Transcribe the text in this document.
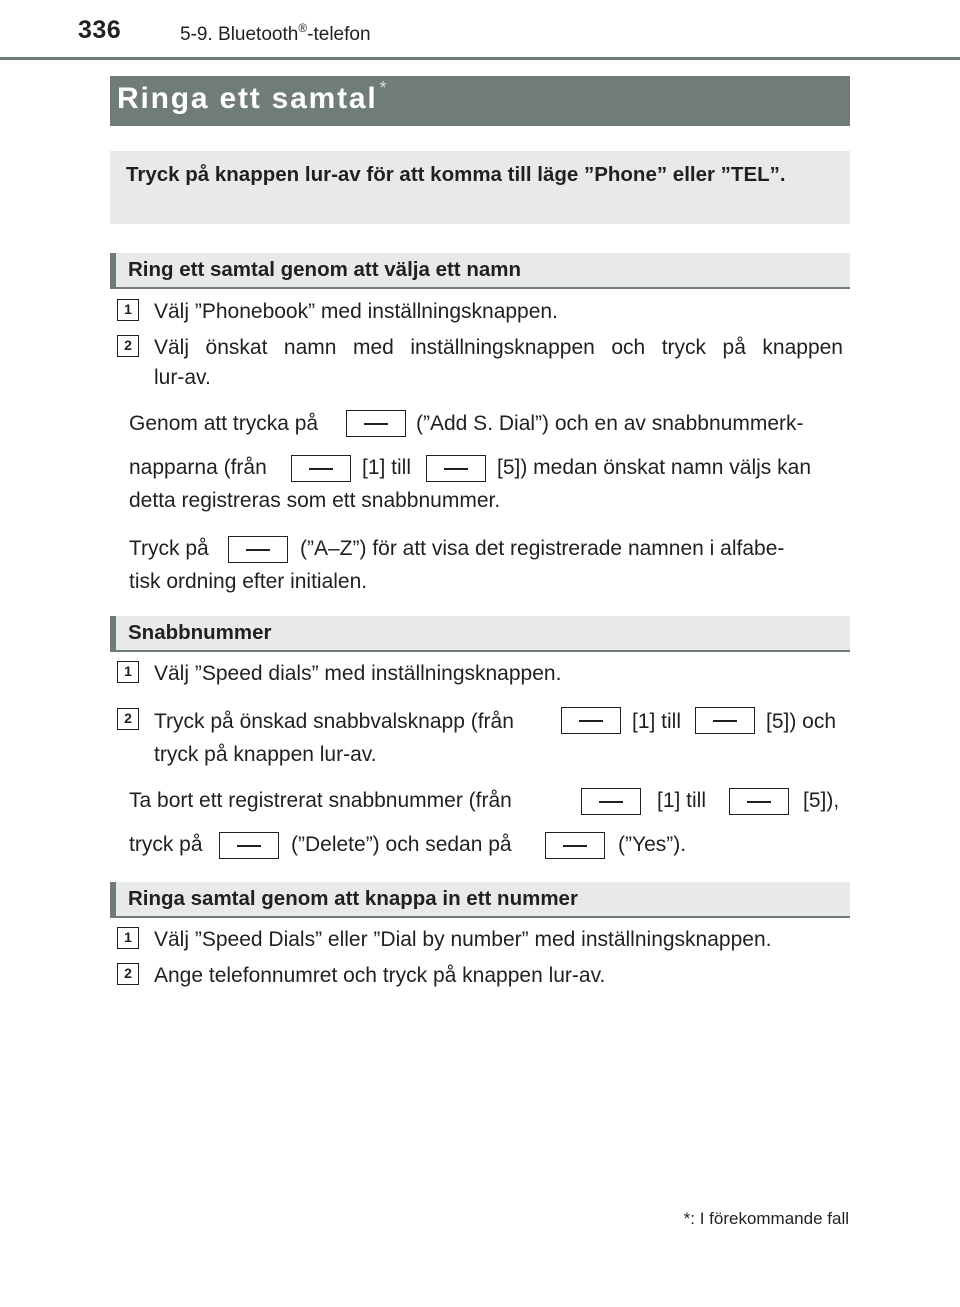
336	5-9. Bluetooth®-telefon
Ringa ett samtal *
Tryck på knappen lur-av för att komma till läge ”Phone” eller ”TEL”.
Ring ett samtal genom att välja ett namn
1	Välj ”Phonebook” med inställningsknappen.
2	Välj önskat namn med inställningsknappen och tryck på knappen
lur-av.
Genom att trycka på	(”Add S. Dial”) och en av snabbnummerk-
napparna (från	[1] till	[5]) medan önskat namn väljs kan
detta registreras som ett snabbnummer.
Tryck på	(”A–Z”) för att visa det registrerade namnen i alfabe-
tisk ordning efter initialen.
Snabbnummer
1	Välj ”Speed dials” med inställningsknappen.
2	Tryck på önskad snabbvalsknapp (från	[1] till	[5]) och
tryck på knappen lur-av.
Ta bort ett registrerat snabbnummer (från	[1] till	[5]),
tryck på	(”Delete”) och sedan på	(”Yes”).
Ringa samtal genom att knappa in ett nummer
1	Välj ”Speed Dials” eller ”Dial by number” med inställningsknappen.
2	Ange telefonnumret och tryck på knappen lur-av.
*: I förekommande fall
